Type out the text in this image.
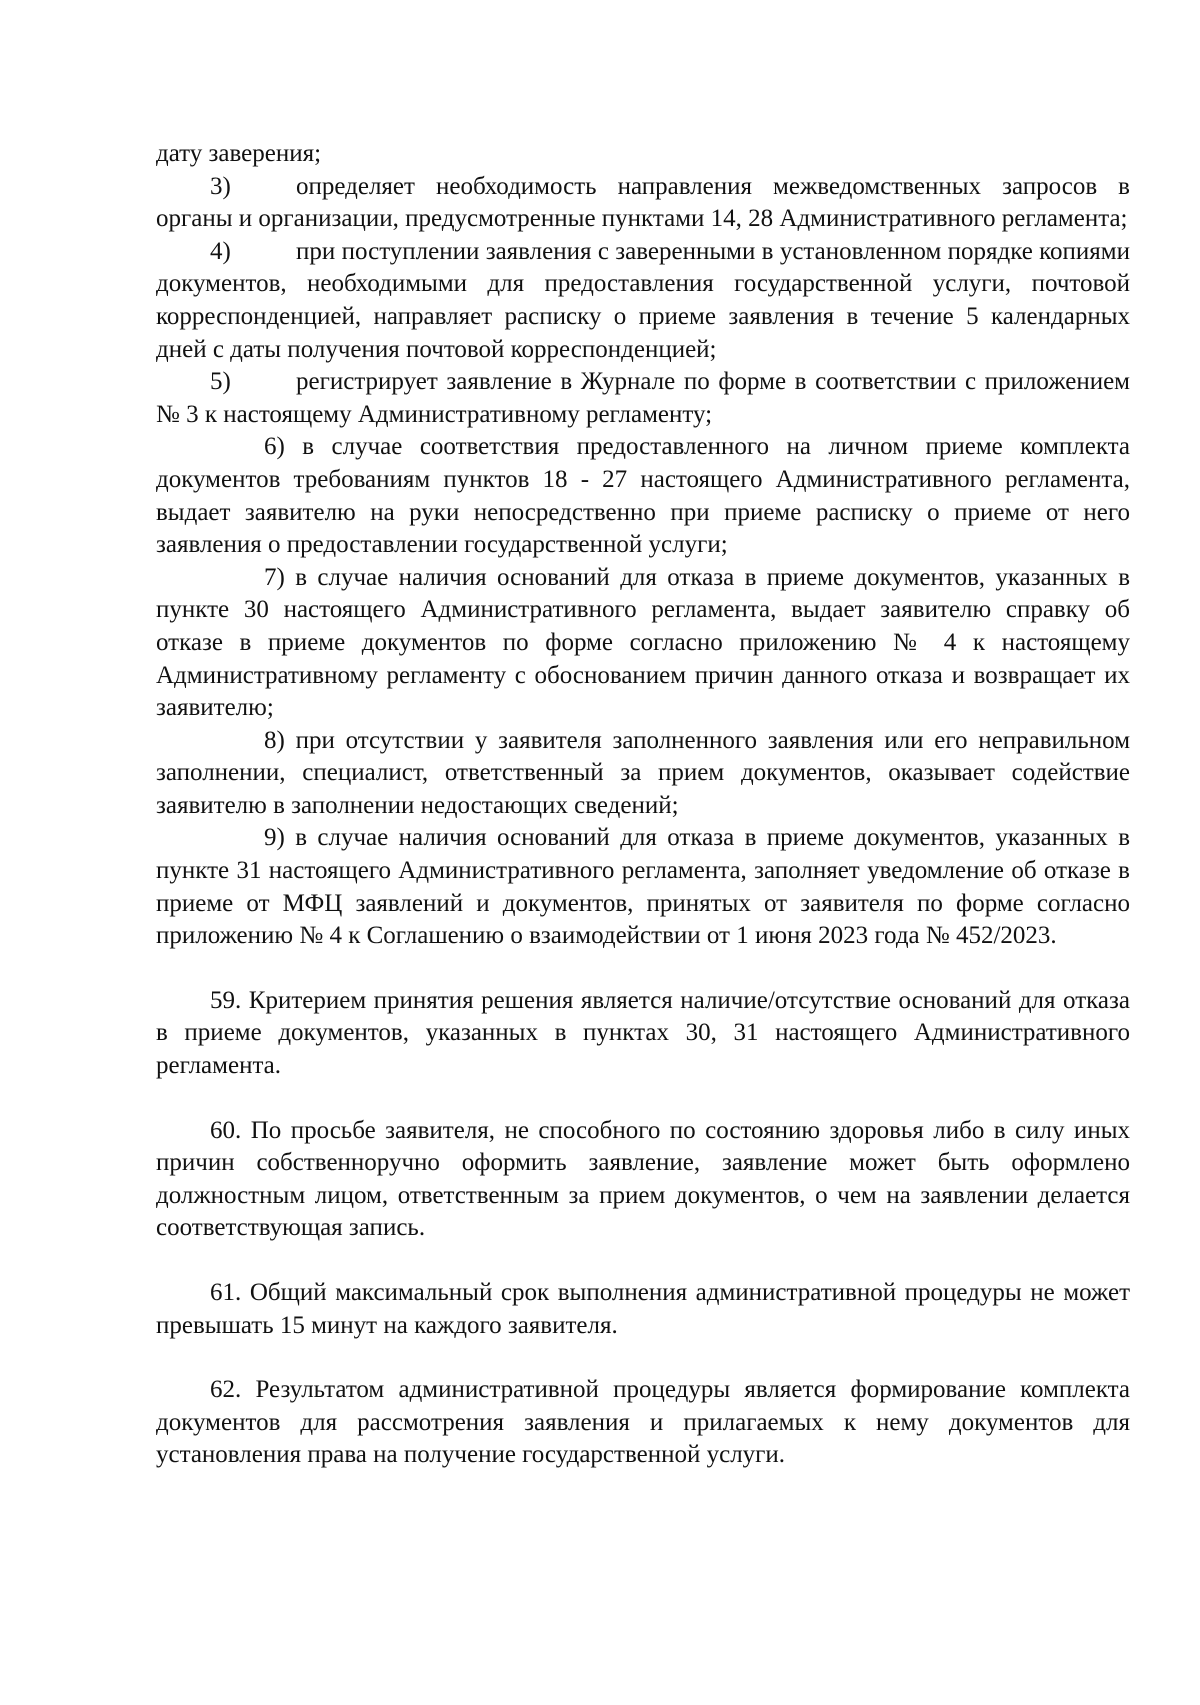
дату заверения;

3)	определяет необходимость направления межведомственных запросов в органы и организации, предусмотренные пунктами 14, 28 Административного регламента;

4)	при поступлении заявления с заверенными в установленном порядке копиями документов, необходимыми для предоставления государственной услуги, почтовой корреспонденцией, направляет расписку о приеме заявления в течение 5 календарных дней с даты получения почтовой корреспонденцией;

5)	регистрирует заявление в Журнале по форме в соответствии с приложением № 3 к настоящему Административному регламенту;

6) в случае соответствия предоставленного на личном приеме комплекта документов требованиям пунктов 18 - 27 настоящего Административного регламента, выдает заявителю на руки непосредственно при приеме расписку о приеме от него заявления о предоставлении государственной услуги;

7) в случае наличия оснований для отказа в приеме документов, указанных в пункте 30 настоящего Административного регламента, выдает заявителю справку об отказе в приеме документов по форме согласно приложению № 4 к настоящему Административному регламенту с обоснованием причин данного отказа и возвращает их заявителю;

8) при отсутствии у заявителя заполненного заявления или его неправильном заполнении, специалист, ответственный за прием документов, оказывает содействие заявителю в заполнении недостающих сведений;

9) в случае наличия оснований для отказа в приеме документов, указанных в пункте 31 настоящего Административного регламента, заполняет уведомление об отказе в приеме от МФЦ заявлений и документов, принятых от заявителя по форме согласно приложению № 4 к Соглашению о взаимодействии от 1 июня 2023 года № 452/2023.

59. Критерием принятия решения является наличие/отсутствие оснований для отказа в приеме документов, указанных в пунктах 30, 31 настоящего Административного регламента.

60. По просьбе заявителя, не способного по состоянию здоровья либо в силу иных причин собственноручно оформить заявление, заявление может быть оформлено должностным лицом, ответственным за прием документов, о чем на заявлении делается соответствующая запись.

61. Общий максимальный срок выполнения административной процедуры не может превышать 15 минут на каждого заявителя.

62. Результатом административной процедуры является формирование комплекта документов для рассмотрения заявления и прилагаемых к нему документов для установления права на получение государственной услуги.
